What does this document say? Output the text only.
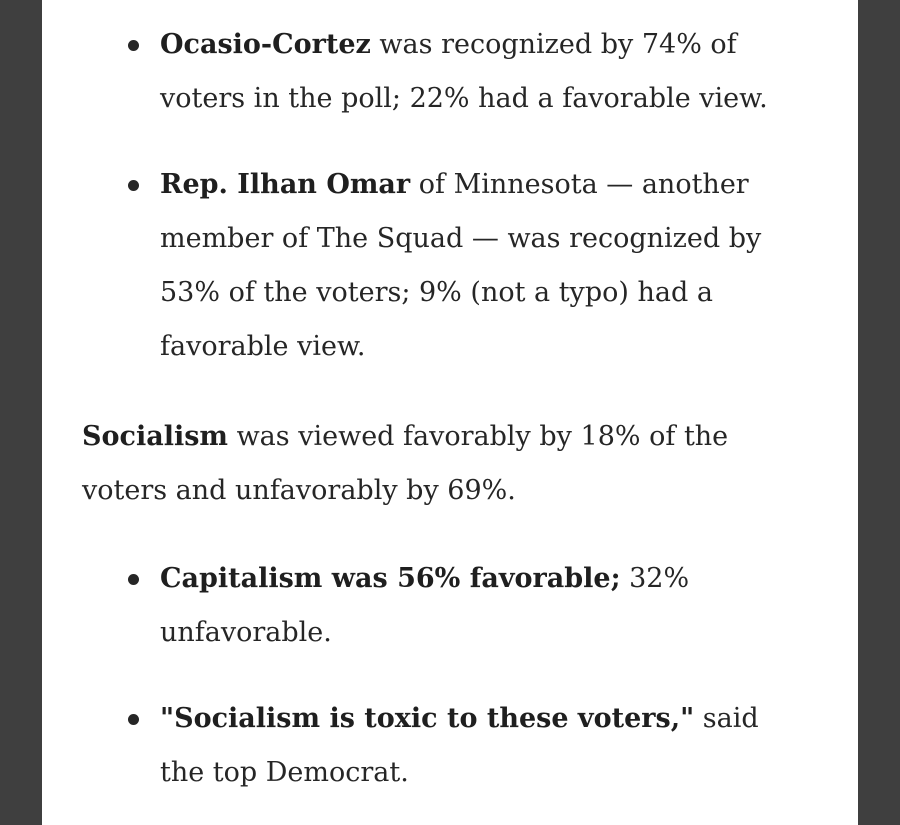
Ocasio-Cortez was recognized by 74% of
voters in the poll; 22% had a favorable view.
Rep. Ilhan Omar of Minnesota — another
member of The Squad — was recognized by
53% of the voters; 9% (not a typo) had a
favorable view.

Socialism was viewed favorably by 18% of the

voters and unfavorably by 69%.

Capitalism was 56% favorable; 32%
unfavorable.
"Socialism is toxic to these voters," said
the top Democrat.
